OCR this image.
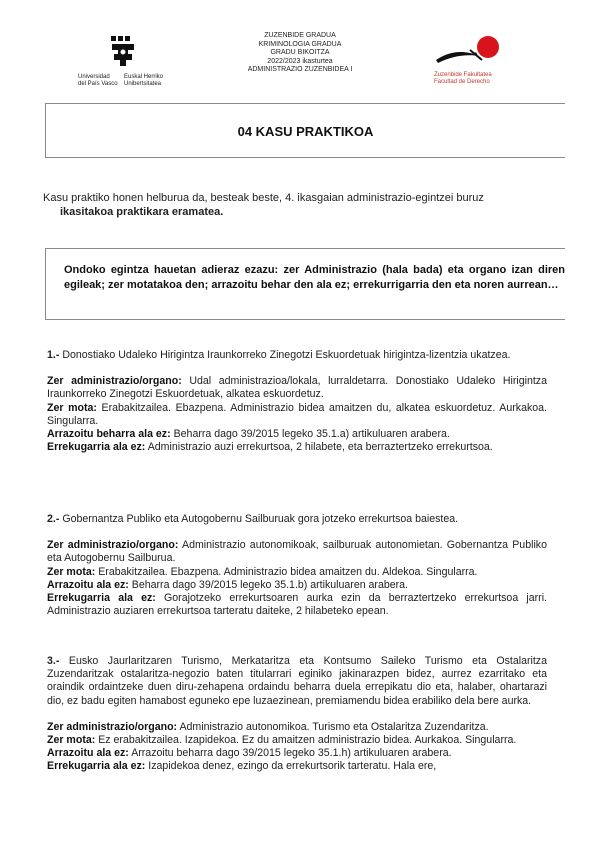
Universidad
del País Vasco
Euskal Herriko
Unibertsitatea
ZUZENBIDE GRADUA
KRIMINOLOGIA GRADUA
GRADU BIKOITZA
2022/2023 ikasturtea
ADMINISTRAZIO ZUZENBIDEA I
Zuzenbide Fakultatea
Facultad de Derecho
04 KASU PRAKTIKOA
Kasu praktiko honen helburua da, besteak beste, 4. ikasgaian administrazio-egintzei buruz
ikasitakoa praktikara eramatea.

Ondoko egintza hauetan adieraz ezazu: zer Administrazio (hala bada) eta organo izan diren egileak; zer motatakoa den; arrazoitu behar den ala ez; errekurrigarria den eta noren aurrean…

1.- Donostiako Udaleko Hirigintza Iraunkorreko Zinegotzi Eskuordetuak hirigintza-lizentzia ukatzea.

Zer administrazio/organo: Udal administrazioa/lokala, lurraldetarra. Donostiako Udaleko Hirigintza Iraunkorreko Zinegotzi Eskuordetuak, alkatea eskuordetuz.

Zer mota: Erabakitzailea. Ebazpena. Administrazio bidea amaitzen du, alkatea eskuordetuz. Aurkakoa. Singularra.

Arrazoitu beharra ala ez: Beharra dago 39/2015 legeko 35.1.a) artikuluaren arabera.

Errekugarria ala ez: Administrazio auzi errekurtsoa, 2 hilabete, eta berraztertzeko errekurtsoa.

2.- Gobernantza Publiko eta Autogobernu Sailburuak gora jotzeko errekurtsoa baiestea.

Zer administrazio/organo: Administrazio autonomikoak, sailburuak autonomietan. Gobernantza Publiko eta Autogobernu Sailburua.

Zer mota: Erabakitzailea. Ebazpena. Administrazio bidea amaitzen du. Aldekoa. Singularra.

Arrazoitu ala ez: Beharra dago 39/2015 legeko 35.1.b) artikuluaren arabera.

Errekugarria ala ez: Gorajotzeko errekurtsoaren aurka ezin da berraztertzeko errekurtsoa jarri. Administrazio auziaren errekurtsoa tarteratu daiteke, 2 hilabeteko epean.

3.- Eusko Jaurlaritzaren Turismo, Merkataritza eta Kontsumo Saileko Turismo eta Ostalaritza Zuzendaritzak ostalaritza-negozio baten titularrari eginiko jakinarazpen bidez, aurrez ezarritako eta oraindik ordaintzeke duen diru-zehapena ordaindu beharra duela errepikatu dio eta, halaber, ohartarazi dio, ez badu egiten hamabost eguneko epe luzaezinean, premiamendu bidea erabiliko dela bere aurka.

Zer administrazio/organo: Administrazio autonomikoa. Turismo eta Ostalaritza Zuzendaritza.

Zer mota: Ez erabakitzailea. Izapidekoa. Ez du amaitzen administrazio bidea. Aurkakoa. Singularra.

Arrazoitu ala ez: Arrazoitu beharra dago 39/2015 legeko 35.1.h) artikuluaren arabera.

Errekugarria ala ez: Izapidekoa denez, ezingo da errekurtsorik tarteratu. Hala ere,
